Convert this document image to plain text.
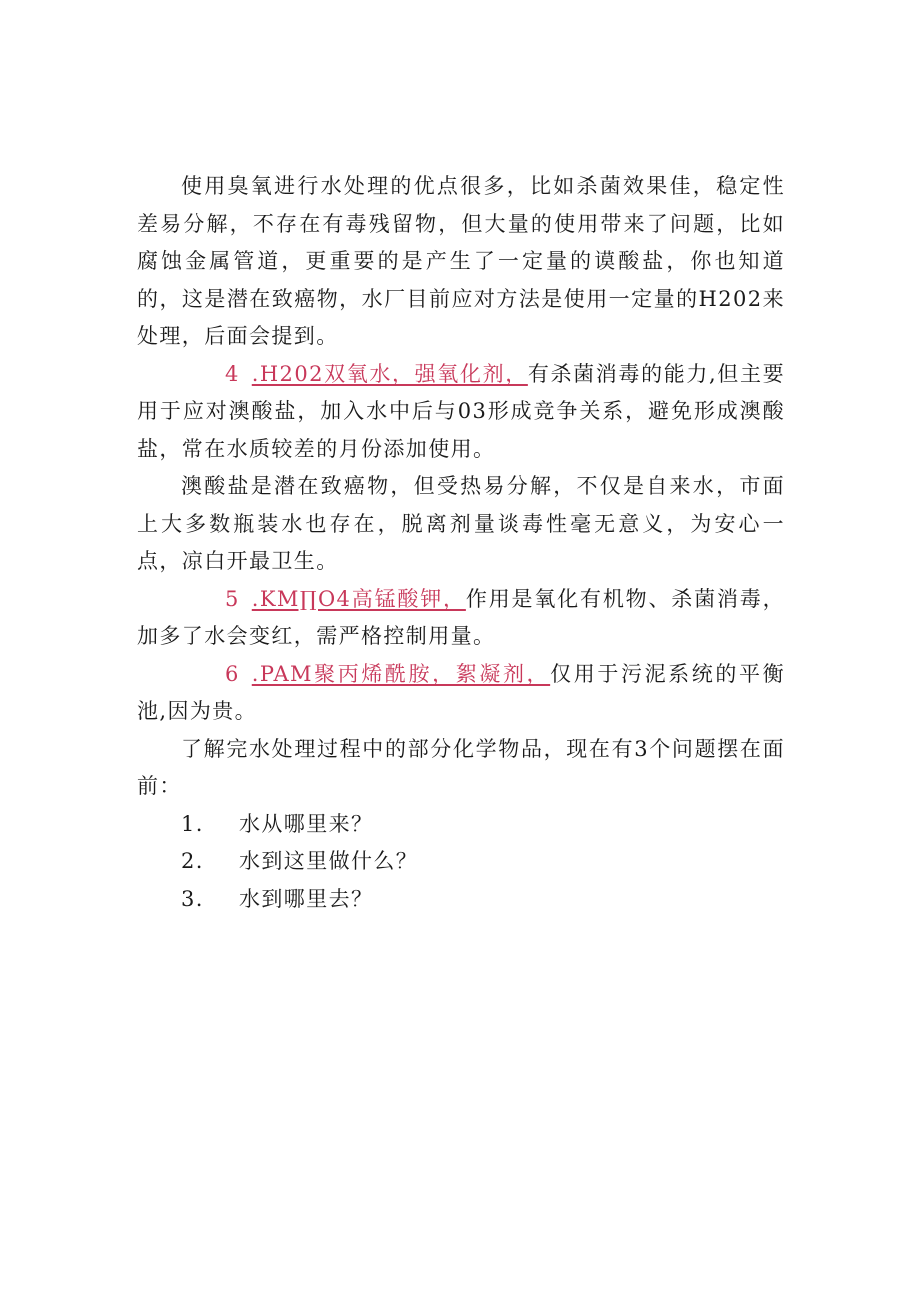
使用臭氧进行水处理的优点很多，比如杀菌效果佳，稳定性差易分解，不存在有毒残留物，但大量的使用带来了问题，比如腐蚀金属管道，更重要的是产生了一定量的谟酸盐，你也知道的，这是潜在致癌物，水厂目前应对方法是使用一定量的H202来处理，后面会提到。

4 .H202双氧水，强氧化剂，有杀菌消毒的能力,但主要用于应对澳酸盐，加入水中后与03形成竞争关系，避免形成澳酸盐，常在水质较差的月份添加使用。

澳酸盐是潜在致癌物，但受热易分解，不仅是自来水，市面上大多数瓶装水也存在，脱离剂量谈毒性毫无意义，为安心一点，凉白开最卫生。

5 .KM∏O4高锰酸钾，作用是氧化有机物、杀菌消毒，加多了水会变红，需严格控制用量。

6 .PAM聚丙烯酰胺，絮凝剂，仅用于污泥系统的平衡池,因为贵。

了解完水处理过程中的部分化学物品，现在有3个问题摆在面前：

1.	水从哪里来？
2.	水到这里做什么？
3.	水到哪里去？
